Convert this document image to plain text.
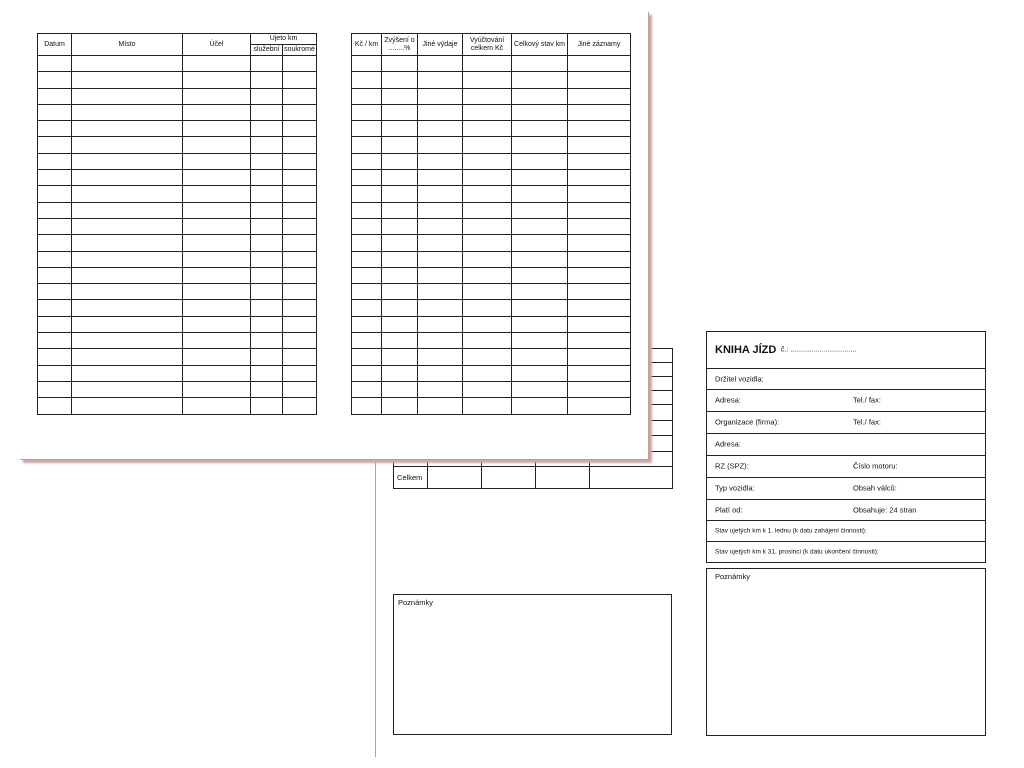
Celkem				
Poznámky
Datum	Místo	Účel	Ujeto km	
			služební	soukromé

Kč / km	Zvýšení o ........%	Jiné výdaje	Vyúčtování celkem Kč	Celkový stav km	Jiné záznamy

KNIHA JÍZD č.: ..................................
Držitel vozidla:
Adresa:	Tel./ fax:
Organizace (firma):	Tel./ fax:
Adresa:
RZ (SPZ):	Číslo motoru:
Typ vozidla:	Obsah válců:
Platí od:	Obsahuje: 24 stran
Stav ujetých km k 1. lednu (k datu zahájení činnosti):
Stav ujetých km k 31. prosinci (k datu ukončení činnosti):
Poznámky
